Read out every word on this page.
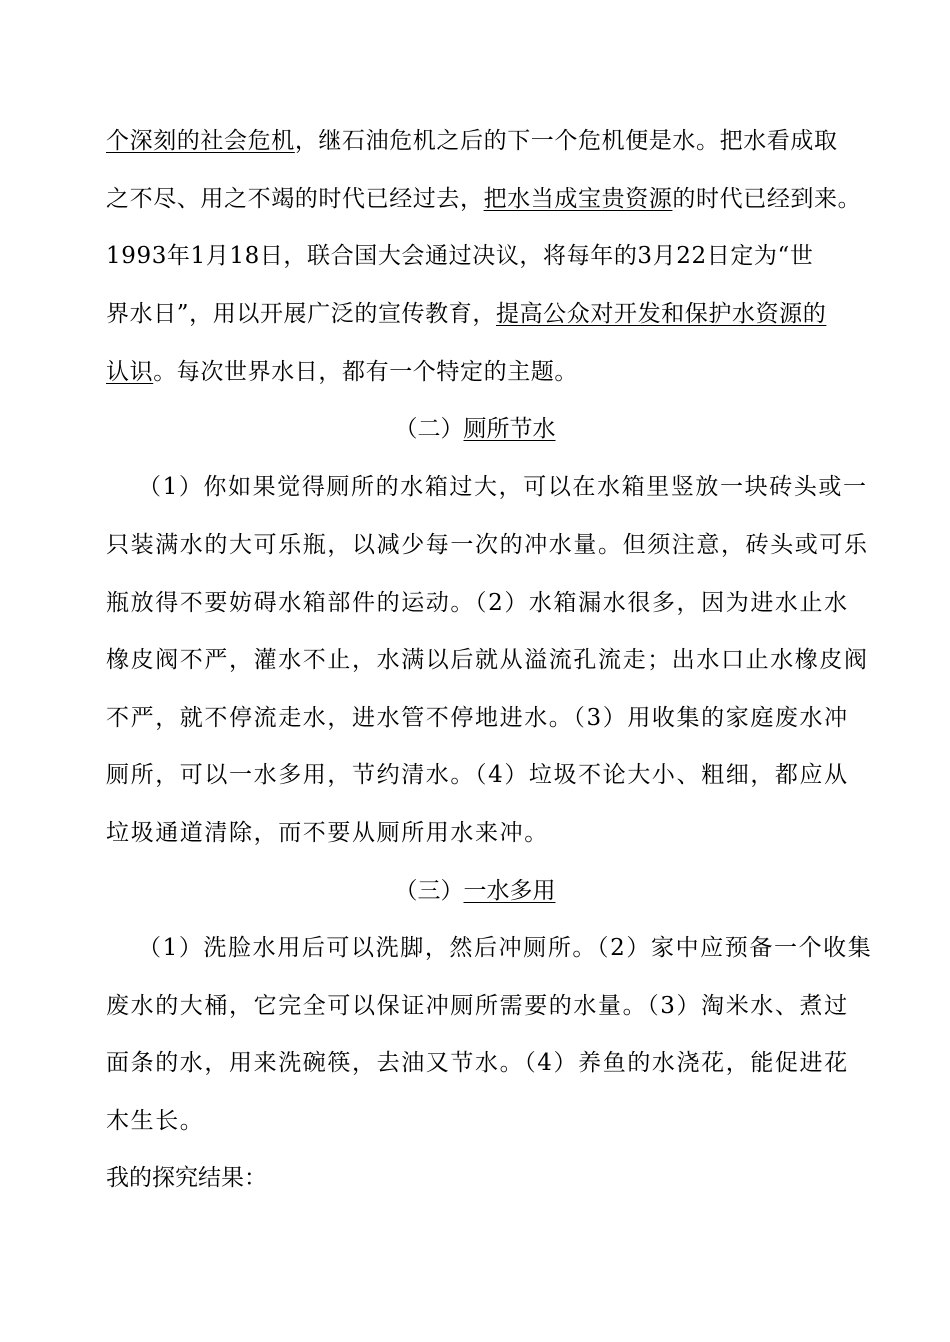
个深刻的社会危机，继石油危机之后的下一个危机便是水。把水看成取
之不尽、用之不竭的时代已经过去，把水当成宝贵资源的时代已经到来。
1993年1月18日，联合国大会通过决议，将每年的3月22日定为“世
界水日”，用以开展广泛的宣传教育，提高公众对开发和保护水资源的
认识。每次世界水日，都有一个特定的主题。
（二）厕所节水
（1）你如果觉得厕所的水箱过大，可以在水箱里竖放一块砖头或一
只装满水的大可乐瓶，以减少每一次的冲水量。但须注意，砖头或可乐
瓶放得不要妨碍水箱部件的运动。（2）水箱漏水很多，因为进水止水
橡皮阀不严，灌水不止，水满以后就从溢流孔流走；出水口止水橡皮阀
不严，就不停流走水，进水管不停地进水。（3）用收集的家庭废水冲
厕所，可以一水多用，节约清水。（4）垃圾不论大小、粗细，都应从
垃圾通道清除，而不要从厕所用水来冲。
（三）一水多用
（1）洗脸水用后可以洗脚，然后冲厕所。（2）家中应预备一个收集
废水的大桶，它完全可以保证冲厕所需要的水量。（3）淘米水、煮过
面条的水，用来洗碗筷，去油又节水。（4）养鱼的水浇花，能促进花
木生长。
我的探究结果：
